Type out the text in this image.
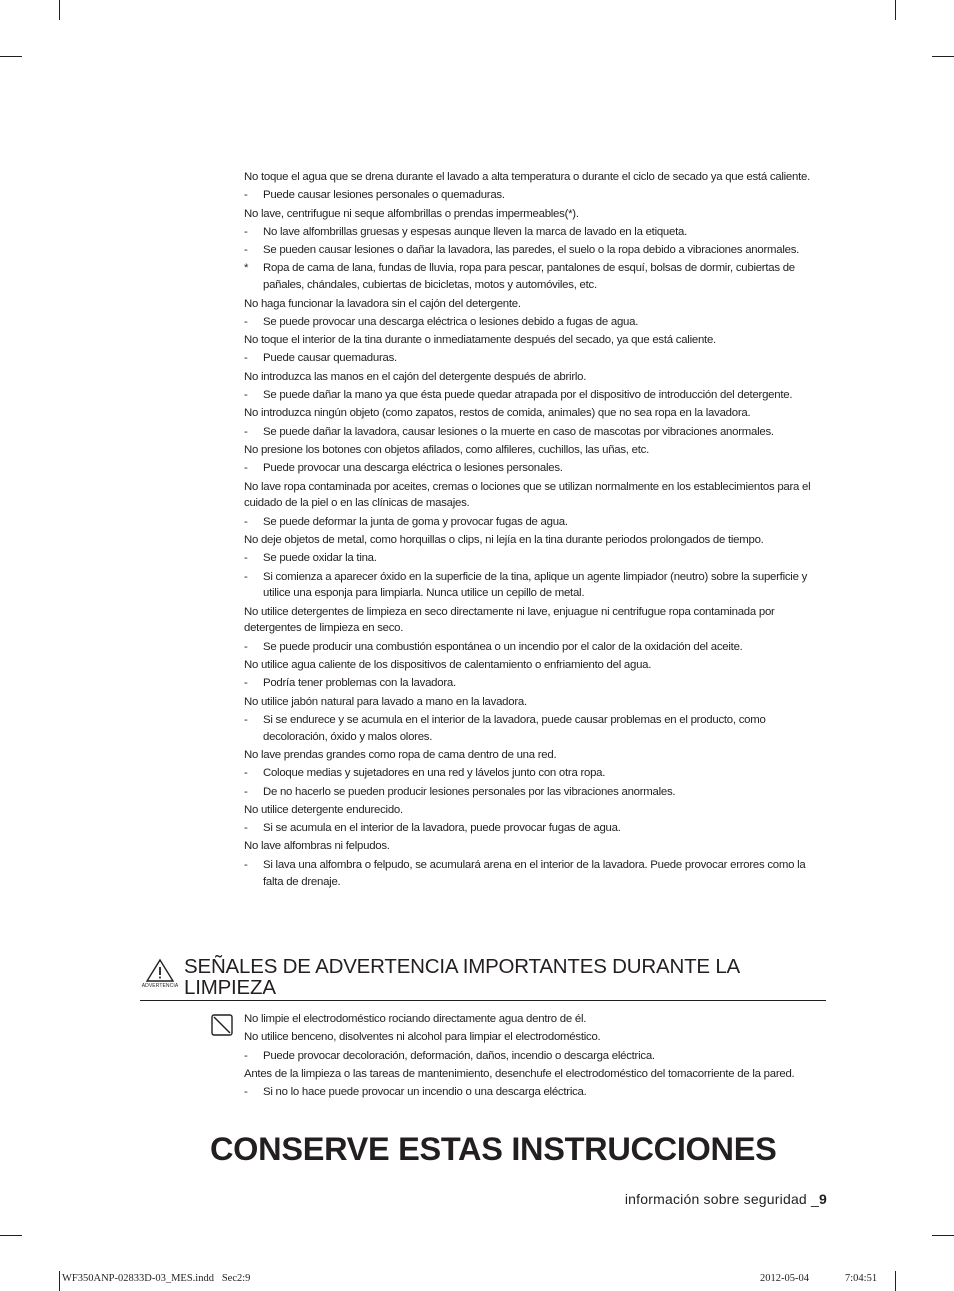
No toque el agua que se drena durante el lavado a alta temperatura o durante el ciclo de secado ya que está caliente.
-	Puede causar lesiones personales o quemaduras.
No lave, centrifugue ni seque alfombrillas o prendas impermeables(*).
-	No lave alfombrillas gruesas y espesas aunque lleven la marca de lavado en la etiqueta.
-	Se pueden causar lesiones o dañar la lavadora, las paredes, el suelo o la ropa debido a vibraciones anormales.
*	Ropa de cama de lana, fundas de lluvia, ropa para pescar, pantalones de esquí, bolsas de dormir, cubiertas de pañales, chándales, cubiertas de bicicletas, motos y automóviles, etc.
No haga funcionar la lavadora sin el cajón del detergente.
-	Se puede provocar una descarga eléctrica o lesiones debido a fugas de agua.
No toque el interior de la tina durante o inmediatamente después del secado, ya que está caliente.
-	Puede causar quemaduras.
No introduzca las manos en el cajón del detergente después de abrirlo.
-	Se puede dañar la mano ya que ésta puede quedar atrapada por el dispositivo de introducción del detergente.
No introduzca ningún objeto (como zapatos, restos de comida, animales) que no sea ropa en la lavadora.
-	Se puede dañar la lavadora, causar lesiones o la muerte en caso de mascotas por vibraciones anormales.
No presione los botones con objetos afilados, como alfileres, cuchillos, las uñas, etc.
-	Puede provocar una descarga eléctrica o lesiones personales.
No lave ropa contaminada por aceites, cremas o lociones que se utilizan normalmente en los establecimientos para el cuidado de la piel o en las clínicas de masajes.
-	Se puede deformar la junta de goma y provocar fugas de agua.
No deje objetos de metal, como horquillas o clips, ni lejía en la tina durante periodos prolongados de tiempo.
-	Se puede oxidar la tina.
-	Si comienza a aparecer óxido en la superficie de la tina, aplique un agente limpiador (neutro) sobre la superficie y utilice una esponja para limpiarla. Nunca utilice un cepillo de metal.
No utilice detergentes de limpieza en seco directamente ni lave, enjuague ni centrifugue ropa contaminada por detergentes de limpieza en seco.
-	Se puede producir una combustión espontánea o un incendio por el calor de la oxidación del aceite.
No utilice agua caliente de los dispositivos de calentamiento o enfriamiento del agua.
-	Podría tener problemas con la lavadora.
No utilice jabón natural para lavado a mano en la lavadora.
-	Si se endurece y se acumula en el interior de la lavadora, puede causar problemas en el producto, como decoloración, óxido y malos olores.
No lave prendas grandes como ropa de cama dentro de una red.
-	Coloque medias y sujetadores en una red y lávelos junto con otra ropa.
-	De no hacerlo se pueden producir lesiones personales por las vibraciones anormales.
No utilice detergente endurecido.
-	Si se acumula en el interior de la lavadora, puede provocar fugas de agua.
No lave alfombras ni felpudos.
-	Si lava una alfombra o felpudo, se acumulará arena en el interior de la lavadora. Puede provocar errores como la falta de drenaje.
ADVERTENCIA
SEÑALES DE ADVERTENCIA IMPORTANTES DURANTE LA
LIMPIEZA
No limpie el electrodoméstico rociando directamente agua dentro de él.
No utilice benceno, disolventes ni alcohol para limpiar el electrodoméstico.
-	Puede provocar decoloración, deformación, daños, incendio o descarga eléctrica.
Antes de la limpieza o las tareas de mantenimiento, desenchufe el electrodoméstico del tomacorriente de la pared.
-	Si no lo hace puede provocar un incendio o una descarga eléctrica.
CONSERVE ESTAS INSTRUCCIONES
información sobre seguridad _9
WF350ANP-02833D-03_MES.indd   Sec2:9	2012-05-04	7:04:51
